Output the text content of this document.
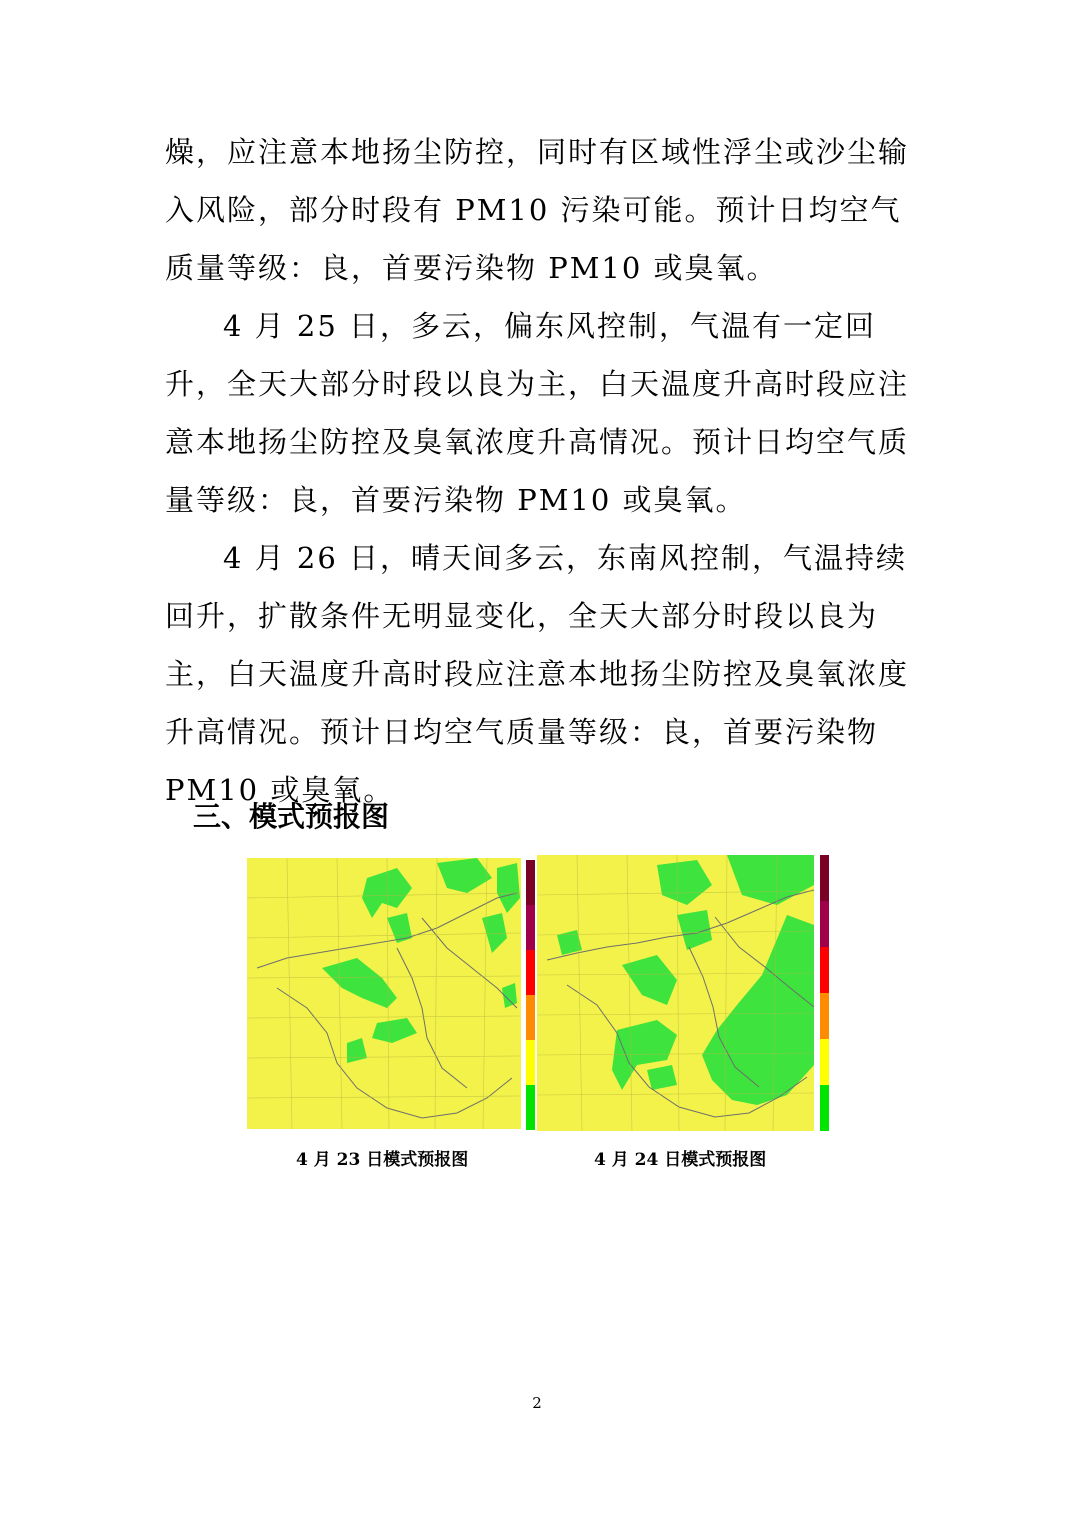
燥，应注意本地扬尘防控，同时有区域性浮尘或沙尘输入风险，部分时段有 PM10 污染可能。预计日均空气质量等级：良，首要污染物 PM10 或臭氧。

4 月 25 日，多云，偏东风控制，气温有一定回升，全天大部分时段以良为主，白天温度升高时段应注意本地扬尘防控及臭氧浓度升高情况。预计日均空气质量等级：良，首要污染物 PM10 或臭氧。

4 月 26 日，晴天间多云，东南风控制，气温持续回升，扩散条件无明显变化，全天大部分时段以良为主，白天温度升高时段应注意本地扬尘防控及臭氧浓度升高情况。预计日均空气质量等级：良，首要污染物 PM10 或臭氧。

三、模式预报图

4 月 23 日模式预报图	4 月 24 日模式预报图

2
